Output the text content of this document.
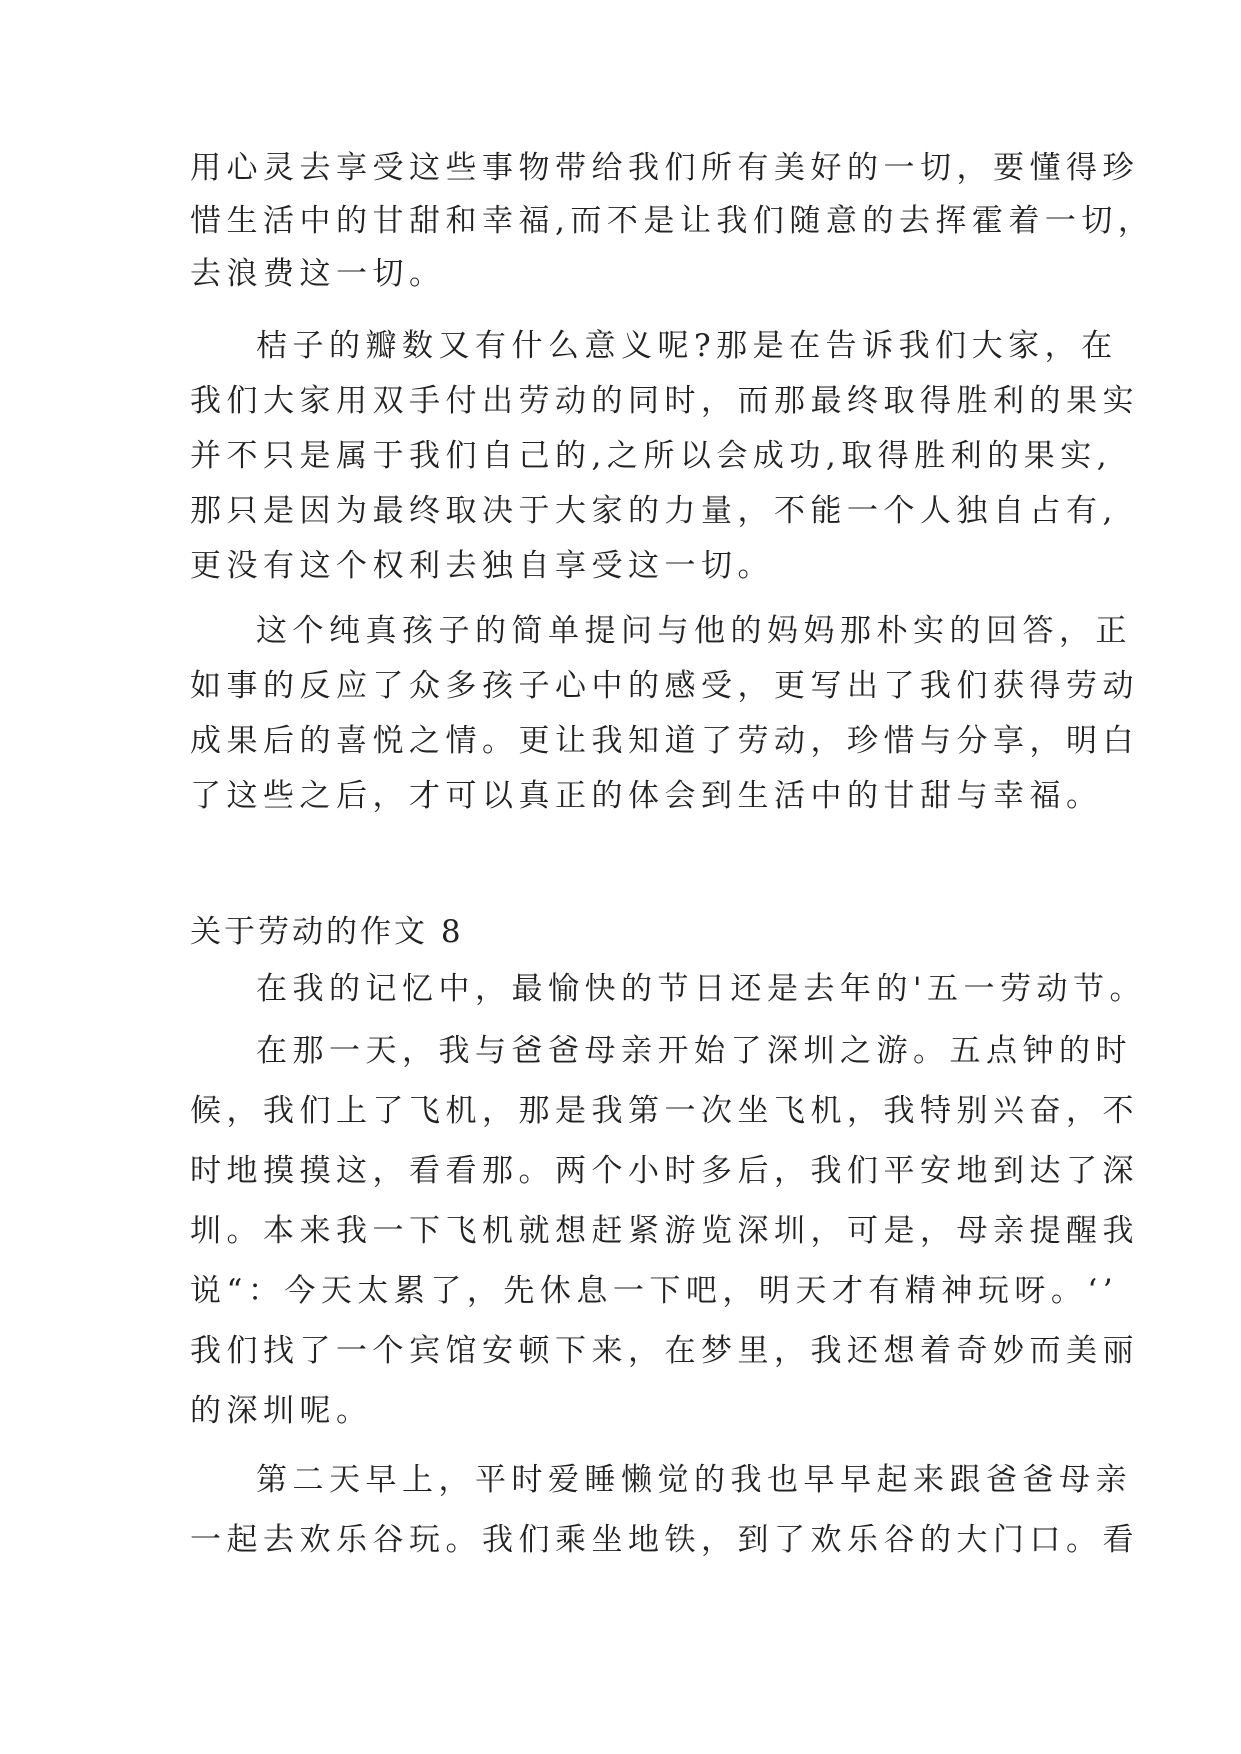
用心灵去享受这些事物带给我们所有美好的一切，要懂得珍
惜生活中的甘甜和幸福,而不是让我们随意的去挥霍着一切，
去浪费这一切。
桔子的瓣数又有什么意义呢?那是在告诉我们大家，在
我们大家用双手付出劳动的同时，而那最终取得胜利的果实
并不只是属于我们自己的,之所以会成功,取得胜利的果实,
那只是因为最终取决于大家的力量，不能一个人独自占有,
更没有这个权利去独自享受这一切。
这个纯真孩子的简单提问与他的妈妈那朴实的回答，正
如事的反应了众多孩子心中的感受，更写出了我们获得劳动
成果后的喜悦之情。更让我知道了劳动，珍惜与分享，明白
了这些之后，才可以真正的体会到生活中的甘甜与幸福。
关于劳动的作文 8
在我的记忆中，最愉快的节日还是去年的'五一劳动节。
在那一天，我与爸爸母亲开始了深圳之游。五点钟的时
候，我们上了飞机，那是我第一次坐飞机，我特别兴奋，不
时地摸摸这，看看那。两个小时多后，我们平安地到达了深
圳。本来我一下飞机就想赶紧游览深圳，可是，母亲提醒我
说“：今天太累了，先休息一下吧，明天才有精神玩呀。‘’
我们找了一个宾馆安顿下来，在梦里，我还想着奇妙而美丽
的深圳呢。
第二天早上，平时爱睡懒觉的我也早早起来跟爸爸母亲
一起去欢乐谷玩。我们乘坐地铁，到了欢乐谷的大门口。看
